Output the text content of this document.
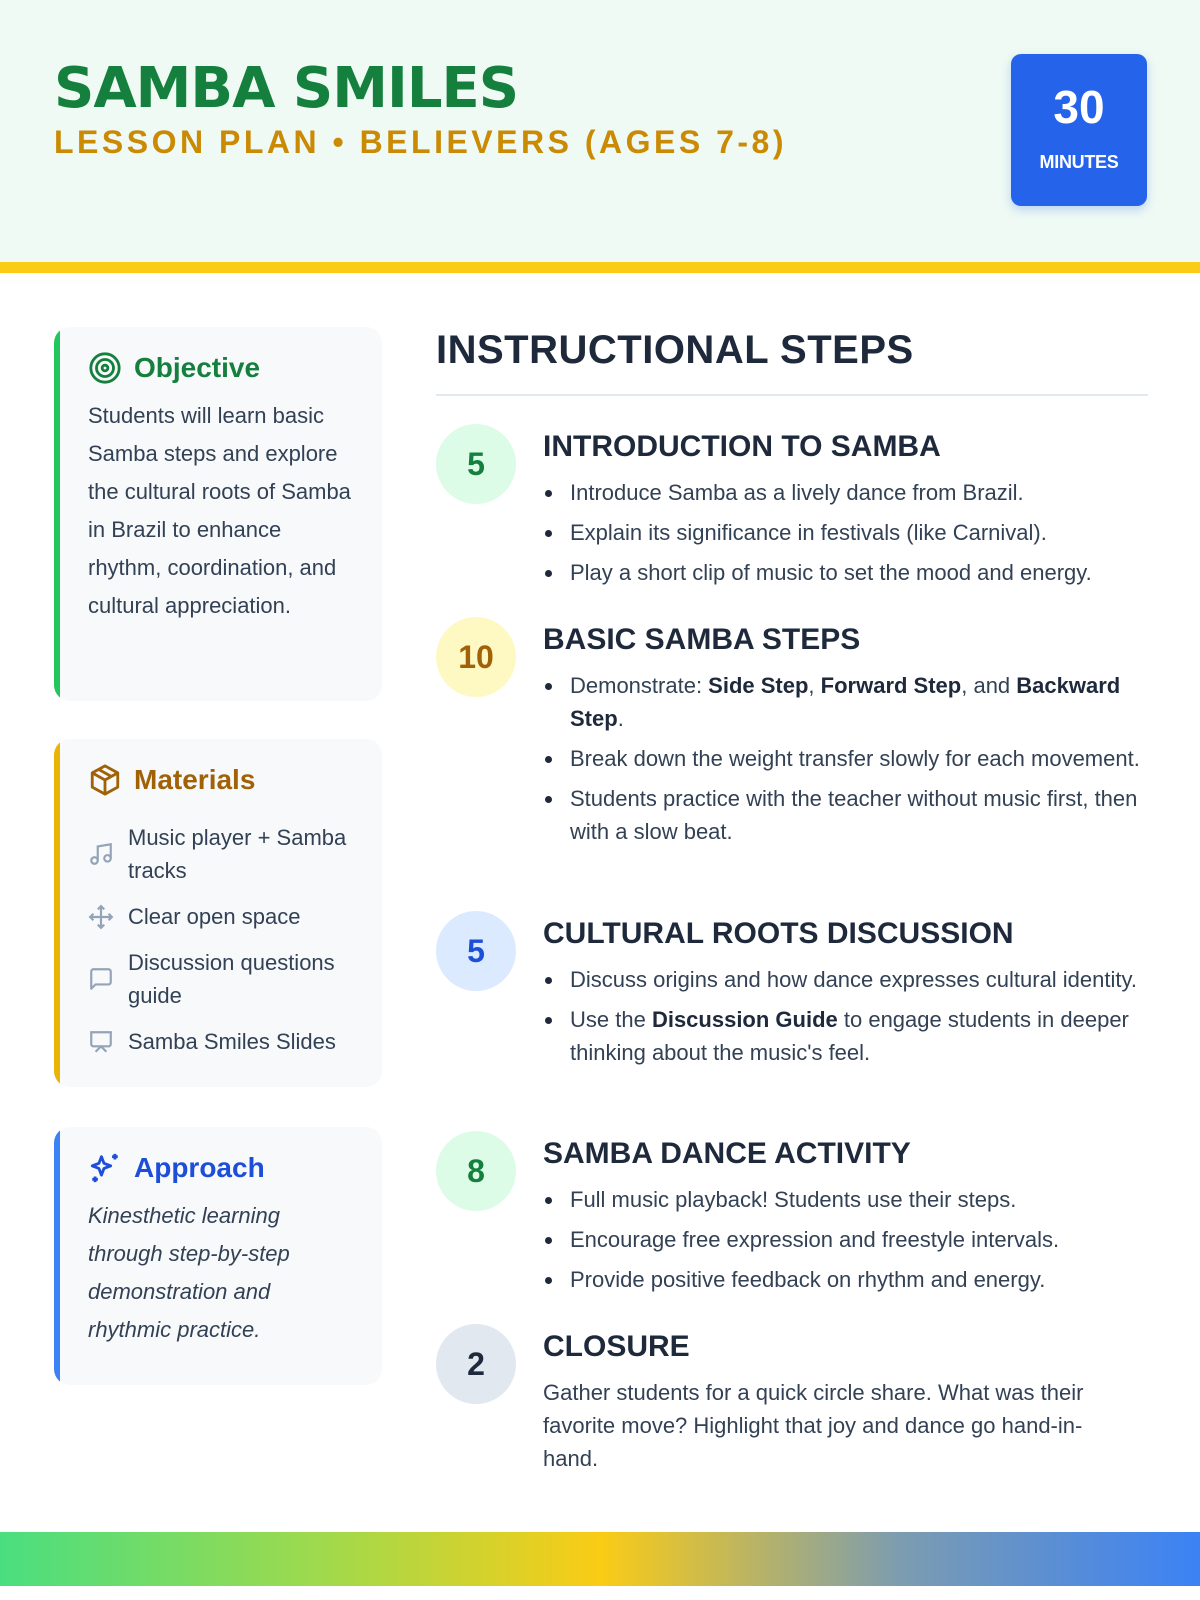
SAMBA SMILES
LESSON PLAN • BELIEVERS (AGES 7-8)
30
MINUTES
Objective

Students will learn basic Samba steps and explore the cultural roots of Samba in Brazil to enhance rhythm, coordination, and cultural appreciation.

Materials
Music player + Samba tracks
Clear open space
Discussion questions guide
Samba Smiles Slides
Approach

Kinesthetic learning through step-by-step demonstration and rhythmic practice.

INSTRUCTIONAL STEPS
5	INTRODUCTION TO SAMBA
Introduce Samba as a lively dance from Brazil.
Explain its significance in festivals (like Carnival).
Play a short clip of music to set the mood and energy.
10	BASIC SAMBA STEPS
Demonstrate: Side Step, Forward Step, and Backward Step.
Break down the weight transfer slowly for each movement.
Students practice with the teacher without music first, then with a slow beat.
5	CULTURAL ROOTS DISCUSSION
Discuss origins and how dance expresses cultural identity.
Use the Discussion Guide to engage students in deeper thinking about the music's feel.
8	SAMBA DANCE ACTIVITY
Full music playback! Students use their steps.
Encourage free expression and freestyle intervals.
Provide positive feedback on rhythm and energy.
2	CLOSURE

Gather students for a quick circle share. What was their favorite move? Highlight that joy and dance go hand-in-hand.
